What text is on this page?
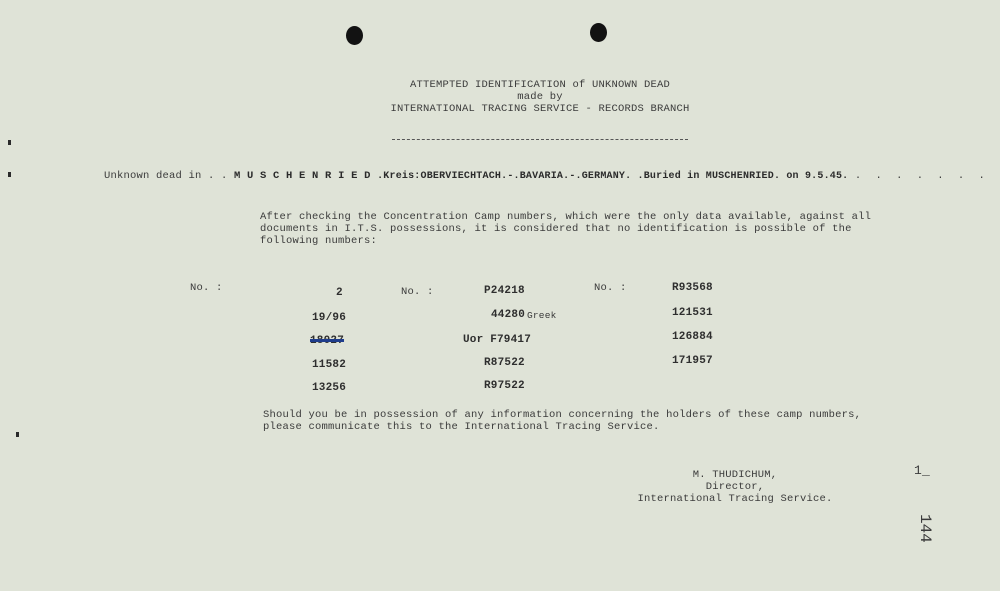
ATTEMPTED IDENTIFICATION of UNKNOWN DEAD
made by
INTERNATIONAL TRACING SERVICE - RECORDS BRANCH
Unknown dead in . . M U S C H E N R I E D .Kreis:OBERVIECHTACH.-.BAVARIA.-.GERMANY. .Buried in MUSCHENRIED. on 9.5.45. . . . . . . .
After checking the Concentration Camp numbers, which were the only data available, against all
documents in I.T.S. possessions, it is considered that no identification is possible of the
following numbers:
No. :	No. :	No. :
2
19/96
18027
11582
13256
P24218
44280 Greek
Uor F79417
R87522
R97522
R93568
121531
126884
171957
Should you be in possession of any information concerning the holders of these camp numbers,
please communicate this to the International Tracing Service.
M. THUDICHUM,
Director,
International Tracing Service.
1_
144
